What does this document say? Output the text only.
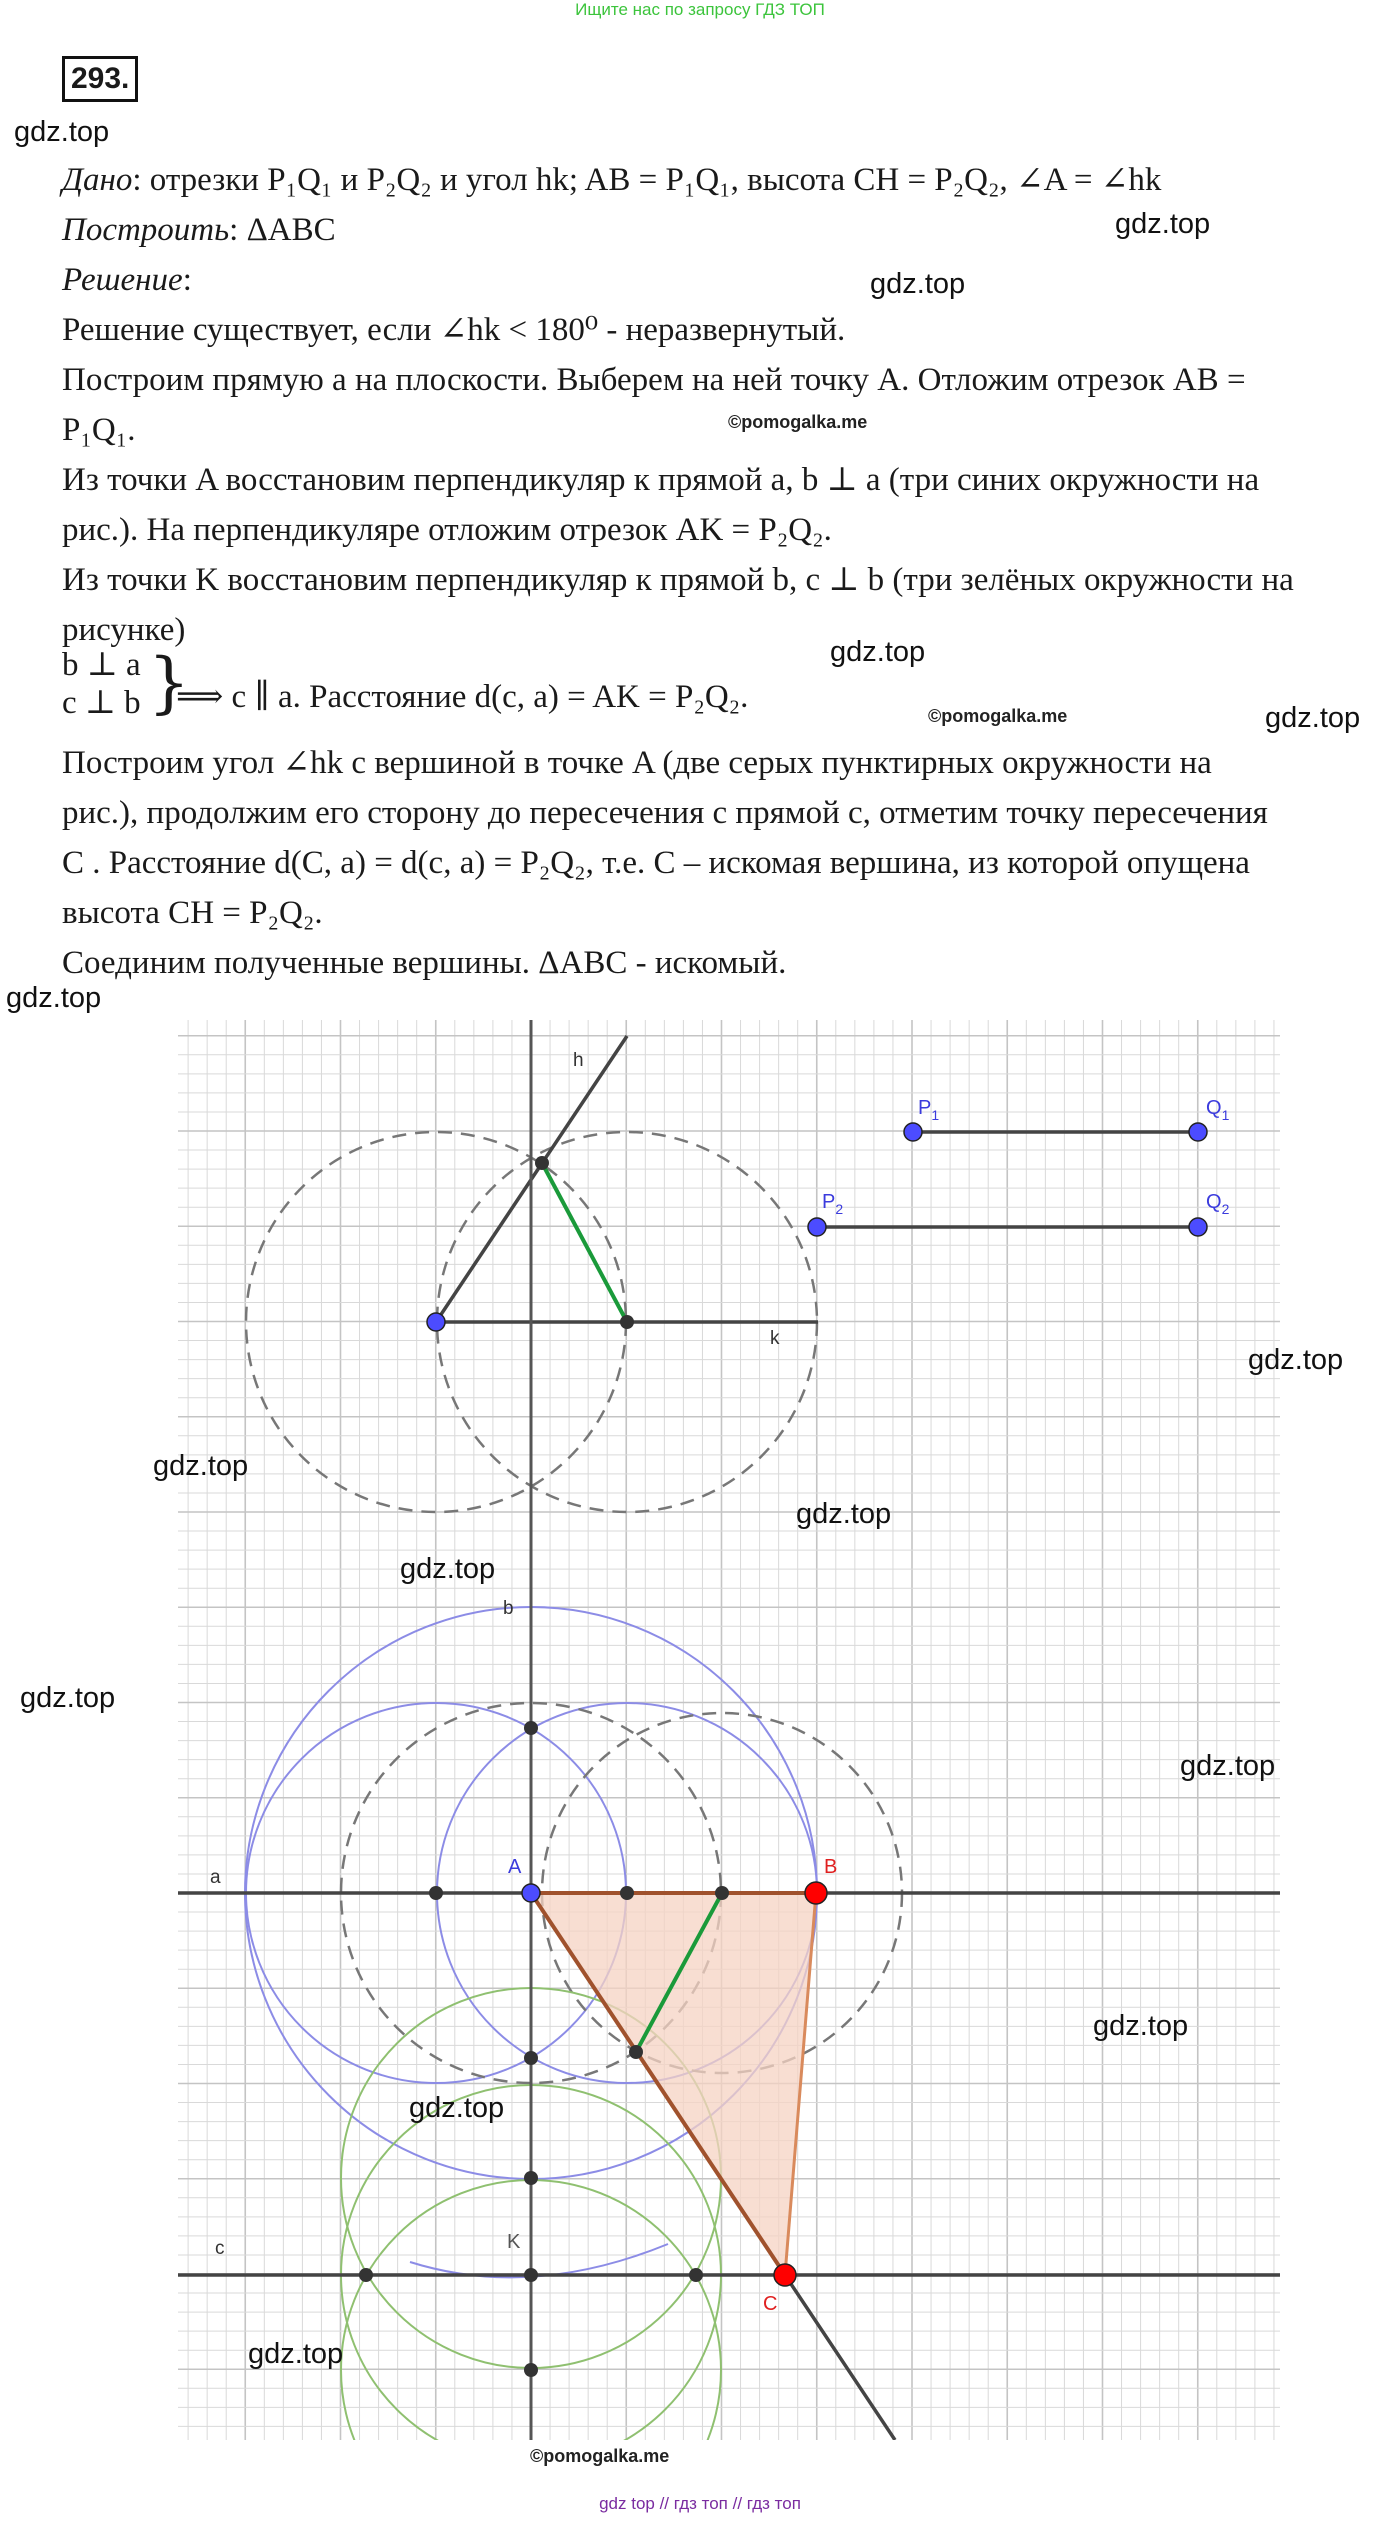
Ищите нас по запросу ГДЗ ТОП
293.
gdz.top
gdz.top
gdz.top
gdz.top
gdz.top
gdz.top
©pomogalka.me
©pomogalka.me
Дано: отрезки P₁Q₁ и P₂Q₂ и угол hk; AB = P₁Q₁, высота CH = P₂Q₂, ∠A = ∠hk
Построить: ΔABC
Решение:
Решение существует, если ∠hk < 180⁰ - неразвернутый.
Построим прямую a на плоскости. Выберем на ней точку A. Отложим отрезок AB =
P₁Q₁.
Из точки A восстановим перпендикуляр к прямой a, b ⊥ a (три синих окружности на
рис.). На перпендикуляре отложим отрезок AK = P₂Q₂.
Из точки K восстановим перпендикуляр к прямой b, c ⊥ b (три зелёных окружности на
рисунке)
b ⊥ a
c ⊥ b }
⟹ c ∥ a. Расстояние d(c, a) = AK = P₂Q₂.
Построим угол ∠hk с вершиной в точке A (две серых пунктирных окружности на
рис.), продолжим его сторону до пересечения с прямой c, отметим точку пересечения
C . Расстояние d(C, a) = d(c, a) = P₂Q₂, т.е. C – искомая вершина, из которой опущена
высота CH = P₂Q₂.
Соединим полученные вершины. ΔABC - искомый.
h
k
b
a
c
A	B
C
K
$P_1$	$Q_1$
$P_2$	$Q_2$
gdz.top
gdz.top
gdz.top
gdz.top
gdz.top
gdz.top
gdz.top
gdz.top
gdz.top
©pomogalka.me
gdz top // гдз топ // гдз топ
